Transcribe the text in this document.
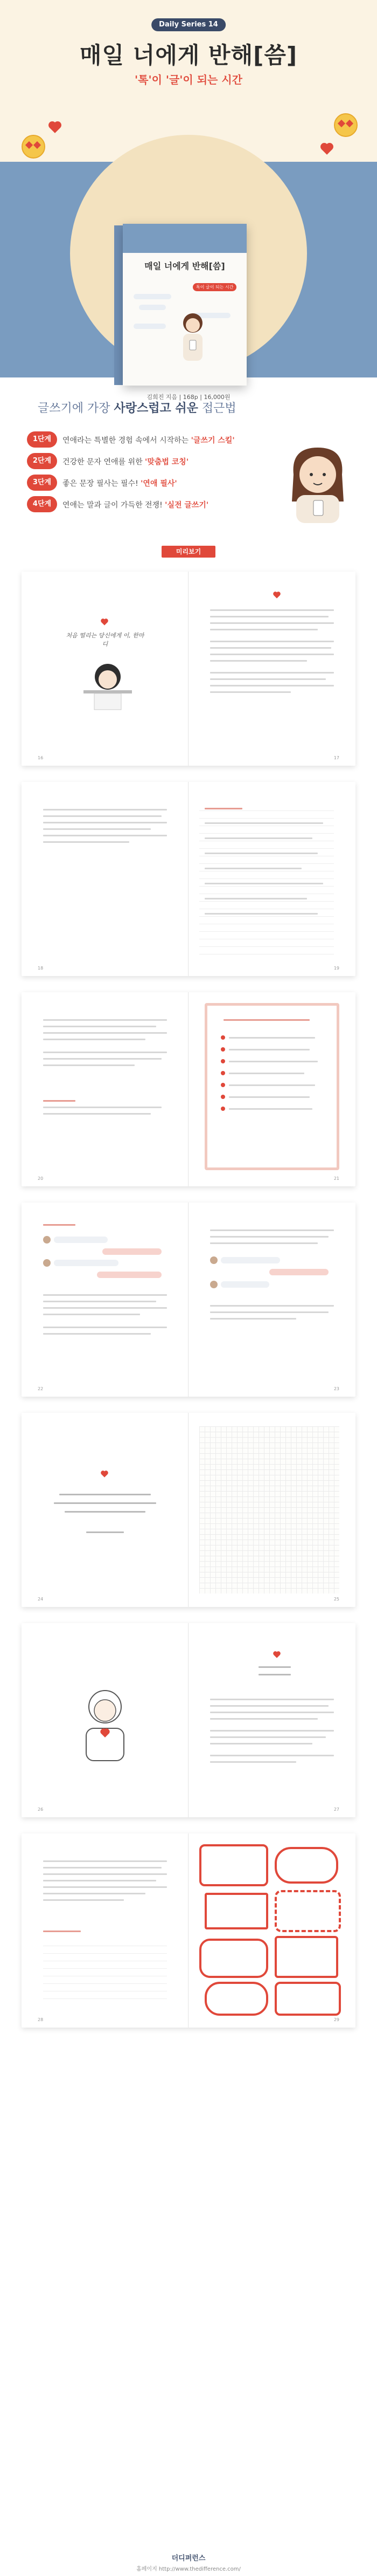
Daily Series 14
매일 너에게 반해[씀]
'톡'이 '글'이 되는 시간
매일 너에게 반해[씀]
톡이 글이 되는 시간
김희진 지음 | 168p | 16,000원
글쓰기에 가장 사랑스럽고 쉬운 접근법
1단계	연애라는 특별한 경험 속에서 시작하는 '글쓰기 스킬'
2단계	건강한 문자 연애를 위한 '맞춤법 코칭'
3단계	좋은 문장 필사는 필수! '연애 필사'
4단계	연애는 말과 글이 가득한 전쟁! '실전 글쓰기'
미리보기
처음 떨리는 당신에게 이, 한마디
16	17
18	19
20	21
22	23
24	25
26	27
28	29
더디퍼런스
홈페이지 http://www.thedifference.com/
